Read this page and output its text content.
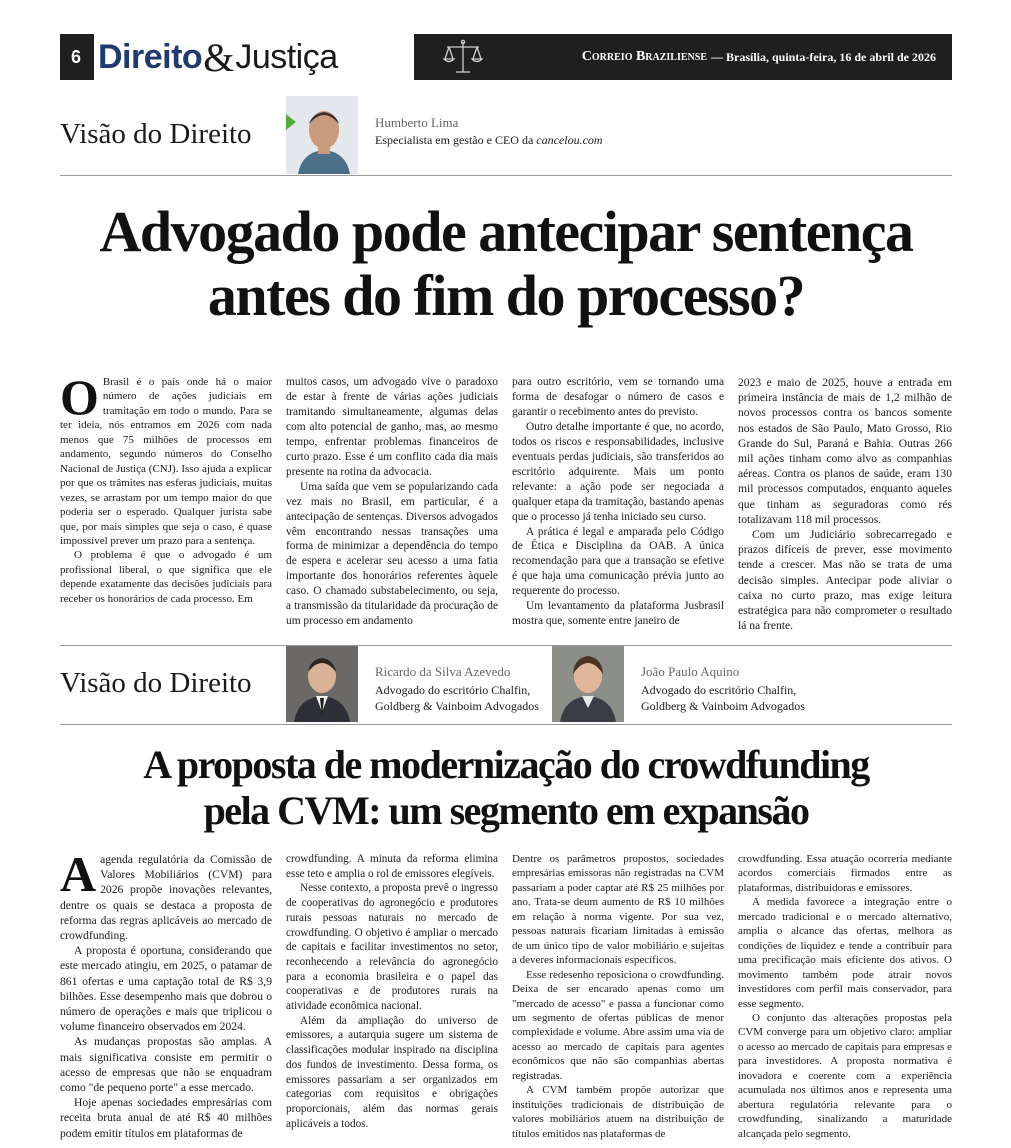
6 Direito & Justiça	Correio Braziliense — Brasília, quinta-feira, 16 de abril de 2026
Visão do Direito	Humberto Lima
Especialista em gestão e CEO da cancelou.com
Advogado pode antecipar sentença
antes do fim do processo?
O Brasil é o país onde há o maior número de ações judiciais em tramitação em todo o mundo. Para se ter ideia, nós entramos em 2026 com nada menos que 75 milhões de processos em andamento, segundo números do Conselho Nacional de Justiça (CNJ). Isso ajuda a explicar por que os trâmites nas esferas judiciais, muitas vezes, se arrastam por um tempo maior do que poderia ser o esperado. Qualquer jurista sabe que, por mais simples que seja o caso, é quase impossível prever um prazo para a sentença.

O problema é que o advogado é um profissional liberal, o que significa que ele depende exatamente das decisões judiciais para receber os honorários de cada processo. Em

muitos casos, um advogado vive o paradoxo de estar à frente de várias ações judiciais tramitando simultaneamente, algumas delas com alto potencial de ganho, mas, ao mesmo tempo, enfrentar problemas financeiros de curto prazo. Esse é um conflito cada dia mais presente na rotina da advocacia.

Uma saída que vem se popularizando cada vez mais no Brasil, em particular, é a antecipação de sentenças. Diversos advogados vêm encontrando nessas transações uma forma de minimizar a dependência do tempo de espera e acelerar seu acesso a uma fatia importante dos honorários referentes àquele caso. O chamado substabelecimento, ou seja, a transmissão da titularidade da procuração de um processo em andamento

para outro escritório, vem se tornando uma forma de desafogar o número de casos e garantir o recebimento antes do previsto.

Outro detalhe importante é que, no acordo, todos os riscos e responsabilidades, inclusive eventuais perdas judiciais, são transferidos ao escritório adquirente. Mais um ponto relevante: a ação pode ser negociada a qualquer etapa da tramitação, bastando apenas que o processo já tenha iniciado seu curso.

A prática é legal e amparada pelo Código de Ética e Disciplina da OAB. A única recomendação para que a transação se efetive é que haja uma comunicação prévia junto ao requerente do processo.

Um levantamento da plataforma Jusbrasil mostra que, somente entre janeiro de

2023 e maio de 2025, houve a entrada em primeira instância de mais de 1,2 milhão de novos processos contra os bancos somente nos estados de São Paulo, Mato Grosso, Rio Grande do Sul, Paraná e Bahia. Outras 266 mil ações tinham como alvo as companhias aéreas. Contra os planos de saúde, eram 130 mil processos computados, enquanto aqueles que tinham as seguradoras como rés totalizavam 118 mil processos.

Com um Judiciário sobrecarregado e prazos difíceis de prever, esse movimento tende a crescer. Mas não se trata de uma decisão simples. Antecipar pode aliviar o caixa no curto prazo, mas exige leitura estratégica para não comprometer o resultado lá na frente.

Visão do Direito	Ricardo da Silva Azevedo
Advogado do escritório Chalfin,
Goldberg & Vainboim Advogados
João Paulo Aquino
Advogado do escritório Chalfin,
Goldberg & Vainboim Advogados
A proposta de modernização do crowdfunding
pela CVM: um segmento em expansão
A agenda regulatória da Comissão de Valores Mobiliários (CVM) para 2026 propõe inovações relevantes, dentre os quais se destaca a proposta de reforma das regras aplicáveis ao mercado de crowdfunding.

A proposta é oportuna, considerando que este mercado atingiu, em 2025, o patamar de 861 ofertas e uma captação total de R$ 3,9 bilhões. Esse desempenho mais que dobrou o número de operações e mais que triplicou o volume financeiro observados em 2024.

As mudanças propostas são amplas. A mais significativa consiste em permitir o acesso de empresas que não se enquadram como "de pequeno porte" a esse mercado.

Hoje apenas sociedades empresárias com receita bruta anual de até R$ 40 milhões podem emitir títulos em plataformas de

crowdfunding. A minuta da reforma elimina esse teto e amplia o rol de emissores elegíveis.

Nesse contexto, a proposta prevê o ingresso de cooperativas do agronegócio e produtores rurais pessoas naturais no mercado de crowdfunding. O objetivo é ampliar o mercado de capitais e facilitar investimentos no setor, reconhecendo a relevância do agronegócio para a economia brasileira e o papel das cooperativas e de produtores rurais na atividade econômica nacional.

Além da ampliação do universo de emissores, a autarquia sugere um sistema de classificações modular inspirado na disciplina dos fundos de investimento. Dessa forma, os emissores passariam a ser organizados em categorias com requisitos e obrigações proporcionais, além das normas gerais aplicáveis a todos.

Dentre os parâmetros propostos, sociedades empresárias emissoras não registradas na CVM passariam a poder captar até R$ 25 milhões por ano. Trata-se deum aumento de R$ 10 milhões em relação à norma vigente. Por sua vez, pessoas naturais ficariam limitadas à emissão de um único tipo de valor mobiliário e sujeitas a deveres informacionais específicos.

Esse redesenho reposiciona o crowdfunding. Deixa de ser encarado apenas como um "mercado de acesso" e passa a funcionar como um segmento de ofertas públicas de menor complexidade e volume. Abre assim uma via de acesso ao mercado de capitais para agentes econômicos que não são companhias abertas registradas.

A CVM também propõe autorizar que instituições tradicionais de distribuição de valores mobiliários atuem na distribuição de títulos emitidos nas plataformas de

crowdfunding. Essa atuação ocorreria mediante acordos comerciais firmados entre as plataformas, distribuidoras e emissores.

A medida favorece a integração entre o mercado tradicional e o mercado alternativo, amplia o alcance das ofertas, melhora as condições de liquidez e tende a contribuir para uma precificação mais eficiente dos ativos. O movimento também pode atrair novos investidores com perfil mais conservador, para esse segmento.

O conjunto das alterações propostas pela CVM converge para um objetivo claro: ampliar o acesso ao mercado de capitais para empresas e para investidores. A proposta normativa é inovadora e coerente com a experiência acumulada nos últimos anos e representa uma abertura regulatória relevante para o crowdfunding, sinalizando a maturidade alcançada pelo segmento.
